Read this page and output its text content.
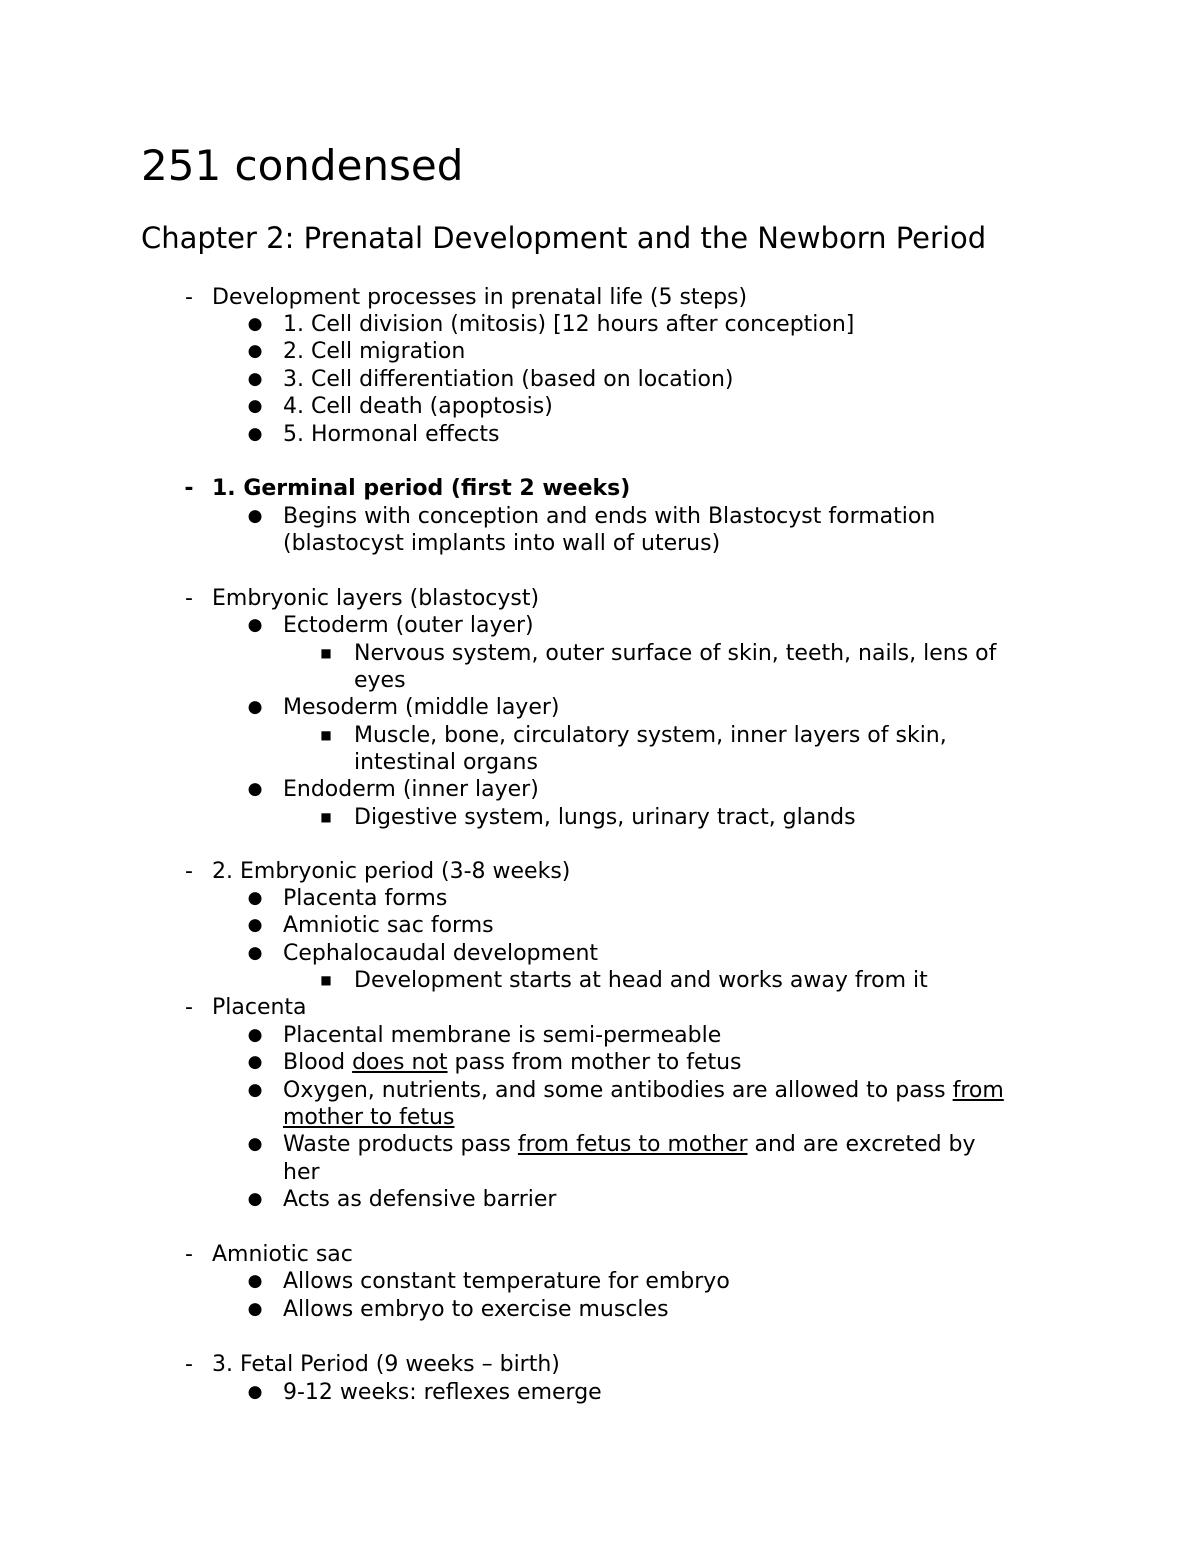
251 condensed
Chapter 2: Prenatal Development and the Newborn Period
- Development processes in prenatal life (5 steps)
● 1. Cell division (mitosis) [12 hours after conception]
● 2. Cell migration
● 3. Cell differentiation (based on location)
● 4. Cell death (apoptosis)
● 5. Hormonal effects
- 1. Germinal period (first 2 weeks)
● Begins with conception and ends with Blastocyst formation
(blastocyst implants into wall of uterus)
- Embryonic layers (blastocyst)
● Ectoderm (outer layer)
■ Nervous system, outer surface of skin, teeth, nails, lens of
eyes
● Mesoderm (middle layer)
■ Muscle, bone, circulatory system, inner layers of skin,
intestinal organs
● Endoderm (inner layer)
■ Digestive system, lungs, urinary tract, glands
- 2. Embryonic period (3-8 weeks)
● Placenta forms
● Amniotic sac forms
● Cephalocaudal development
■ Development starts at head and works away from it
- Placenta
● Placental membrane is semi-permeable
● Blood does not pass from mother to fetus
● Oxygen, nutrients, and some antibodies are allowed to pass from
mother to fetus
● Waste products pass from fetus to mother and are excreted by
her
● Acts as defensive barrier
- Amniotic sac
● Allows constant temperature for embryo
● Allows embryo to exercise muscles
- 3. Fetal Period (9 weeks – birth)
● 9-12 weeks: reflexes emerge
